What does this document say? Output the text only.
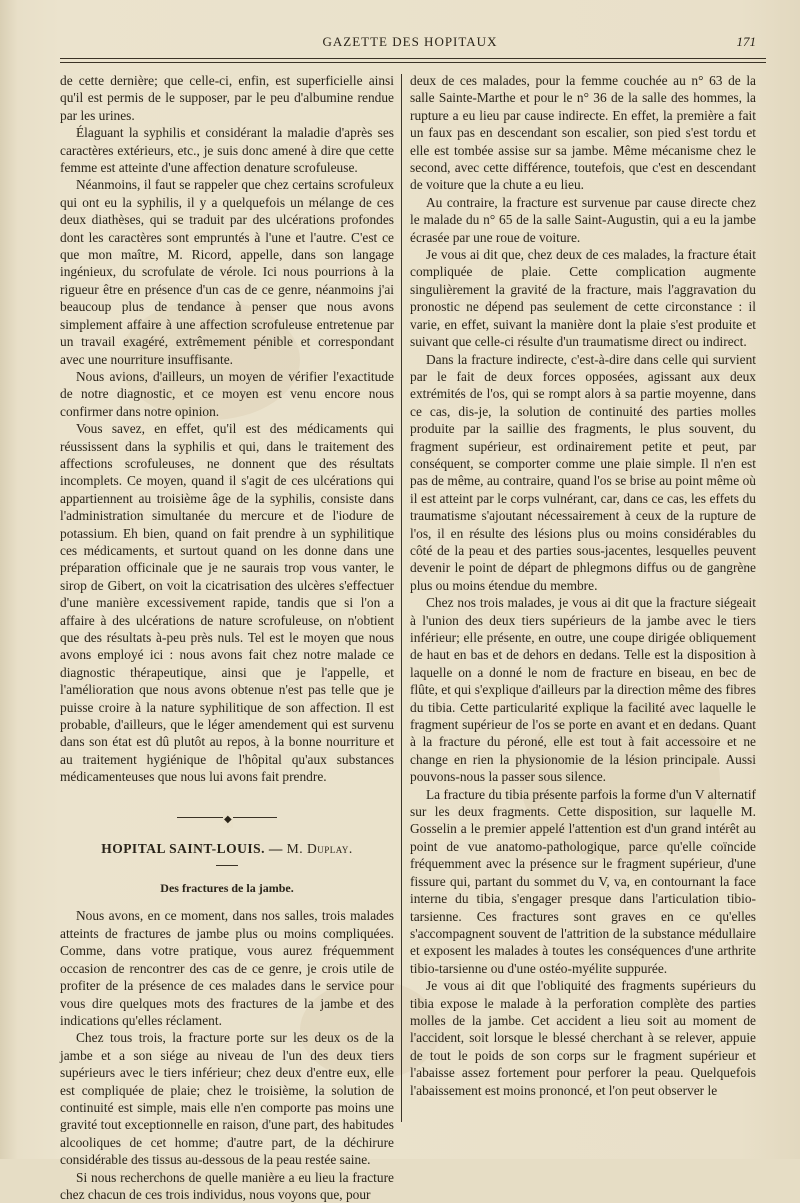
GAZETTE DES HOPITAUX	171

de cette dernière; que celle-ci, enfin, est superficielle ainsi qu'il est permis de le supposer, par le peu d'albumine rendue par les urines.

Élaguant la syphilis et considérant la maladie d'après ses caractères extérieurs, etc., je suis donc amené à dire que cette femme est atteinte d'une affection denature scrofuleuse.

Néanmoins, il faut se rappeler que chez certains scrofuleux qui ont eu la syphilis, il y a quelquefois un mélange de ces deux diathèses, qui se traduit par des ulcérations profondes dont les caractères sont empruntés à l'une et l'autre. C'est ce que mon maître, M. Ricord, appelle, dans son langage ingénieux, du scrofulate de vérole. Ici nous pourrions à la rigueur être en présence d'un cas de ce genre, néanmoins j'ai beaucoup plus de tendance à penser que nous avons simplement affaire à une affection scrofuleuse entretenue par un travail exagéré, extrêmement pénible et correspondant avec une nourriture insuffisante.

Nous avions, d'ailleurs, un moyen de vérifier l'exactitude de notre diagnostic, et ce moyen est venu encore nous confirmer dans notre opinion.

Vous savez, en effet, qu'il est des médicaments qui réussissent dans la syphilis et qui, dans le traitement des affections scrofuleuses, ne donnent que des résultats incomplets. Ce moyen, quand il s'agit de ces ulcérations qui appartiennent au troisième âge de la syphilis, consiste dans l'administration simultanée du mercure et de l'iodure de potassium. Eh bien, quand on fait prendre à un syphilitique ces médicaments, et surtout quand on les donne dans une préparation officinale que je ne saurais trop vous vanter, le sirop de Gibert, on voit la cicatrisation des ulcères s'effectuer d'une manière excessivement rapide, tandis que si l'on a affaire à des ulcérations de nature scrofuleuse, on n'obtient que des résultats à-peu près nuls. Tel est le moyen que nous avons employé ici : nous avons fait chez notre malade ce diagnostic thérapeutique, ainsi que je l'appelle, et l'amélioration que nous avons obtenue n'est pas telle que je puisse croire à la nature syphilitique de son affection. Il est probable, d'ailleurs, que le léger amendement qui est survenu dans son état est dû plutôt au repos, à la bonne nourriture et au traitement hygiénique de l'hôpital qu'aux substances médicamenteuses que nous lui avons fait prendre.

◆
HOPITAL SAINT-LOUIS. — M. Duplay.
Des fractures de la jambe.

Nous avons, en ce moment, dans nos salles, trois malades atteints de fractures de jambe plus ou moins compliquées. Comme, dans votre pratique, vous aurez fréquemment occasion de rencontrer des cas de ce genre, je crois utile de profiter de la présence de ces malades dans le service pour vous dire quelques mots des fractures de la jambe et des indications qu'elles réclament.

Chez tous trois, la fracture porte sur les deux os de la jambe et a son siége au niveau de l'un des deux tiers supérieurs avec le tiers inférieur; chez deux d'entre eux, elle est compliquée de plaie; chez le troisième, la solution de continuité est simple, mais elle n'en comporte pas moins une gravité tout exceptionnelle en raison, d'une part, des habitudes alcooliques de cet homme; d'autre part, de la déchirure considérable des tissus au-dessous de la peau restée saine.

Si nous recherchons de quelle manière a eu lieu la fracture chez chacun de ces trois individus, nous voyons que, pour

deux de ces malades, pour la femme couchée au n° 63 de la salle Sainte-Marthe et pour le n° 36 de la salle des hommes, la rupture a eu lieu par cause indirecte. En effet, la première a fait un faux pas en descendant son escalier, son pied s'est tordu et elle est tombée assise sur sa jambe. Même mécanisme chez le second, avec cette différence, toutefois, que c'est en descendant de voiture que la chute a eu lieu.

Au contraire, la fracture est survenue par cause directe chez le malade du n° 65 de la salle Saint-Augustin, qui a eu la jambe écrasée par une roue de voiture.

Je vous ai dit que, chez deux de ces malades, la fracture était compliquée de plaie. Cette complication augmente singulièrement la gravité de la fracture, mais l'aggravation du pronostic ne dépend pas seulement de cette circonstance : il varie, en effet, suivant la manière dont la plaie s'est produite et suivant que celle-ci résulte d'un traumatisme direct ou indirect.

Dans la fracture indirecte, c'est-à-dire dans celle qui survient par le fait de deux forces opposées, agissant aux deux extrémités de l'os, qui se rompt alors à sa partie moyenne, dans ce cas, dis-je, la solution de continuité des parties molles produite par la saillie des fragments, le plus souvent, du fragment supérieur, est ordinairement petite et peut, par conséquent, se comporter comme une plaie simple. Il n'en est pas de même, au contraire, quand l'os se brise au point même où il est atteint par le corps vulnérant, car, dans ce cas, les effets du traumatisme s'ajoutant nécessairement à ceux de la rupture de l'os, il en résulte des lésions plus ou moins considérables du côté de la peau et des parties sous-jacentes, lesquelles peuvent devenir le point de départ de phlegmons diffus ou de gangrène plus ou moins étendue du membre.

Chez nos trois malades, je vous ai dit que la fracture siégeait à l'union des deux tiers supérieurs de la jambe avec le tiers inférieur; elle présente, en outre, une coupe dirigée obliquement de haut en bas et de dehors en dedans. Telle est la disposition à laquelle on a donné le nom de fracture en biseau, en bec de flûte, et qui s'explique d'ailleurs par la direction même des fibres du tibia. Cette particularité explique la facilité avec laquelle le fragment supérieur de l'os se porte en avant et en dedans. Quant à la fracture du péroné, elle est tout à fait accessoire et ne change en rien la physionomie de la lésion principale. Aussi pouvons-nous la passer sous silence.

La fracture du tibia présente parfois la forme d'un V alternatif sur les deux fragments. Cette disposition, sur laquelle M. Gosselin a le premier appelé l'attention est d'un grand intérêt au point de vue anatomo-pathologique, parce qu'elle coïncide fréquemment avec la présence sur le fragment supérieur, d'une fissure qui, partant du sommet du V, va, en contournant la face interne du tibia, s'engager presque dans l'articulation tibio-tarsienne. Ces fractures sont graves en ce qu'elles s'accompagnent souvent de l'attrition de la substance médullaire et exposent les malades à toutes les conséquences d'une arthrite tibio-tarsienne ou d'une ostéo-myélite suppurée.

Je vous ai dit que l'obliquité des fragments supérieurs du tibia expose le malade à la perforation complète des parties molles de la jambe. Cet accident a lieu soit au moment de l'accident, soit lorsque le blessé cherchant à se relever, appuie de tout le poids de son corps sur le fragment supérieur et l'abaisse assez fortement pour perforer la peau. Quelquefois l'abaissement est moins prononcé, et l'on peut observer le
